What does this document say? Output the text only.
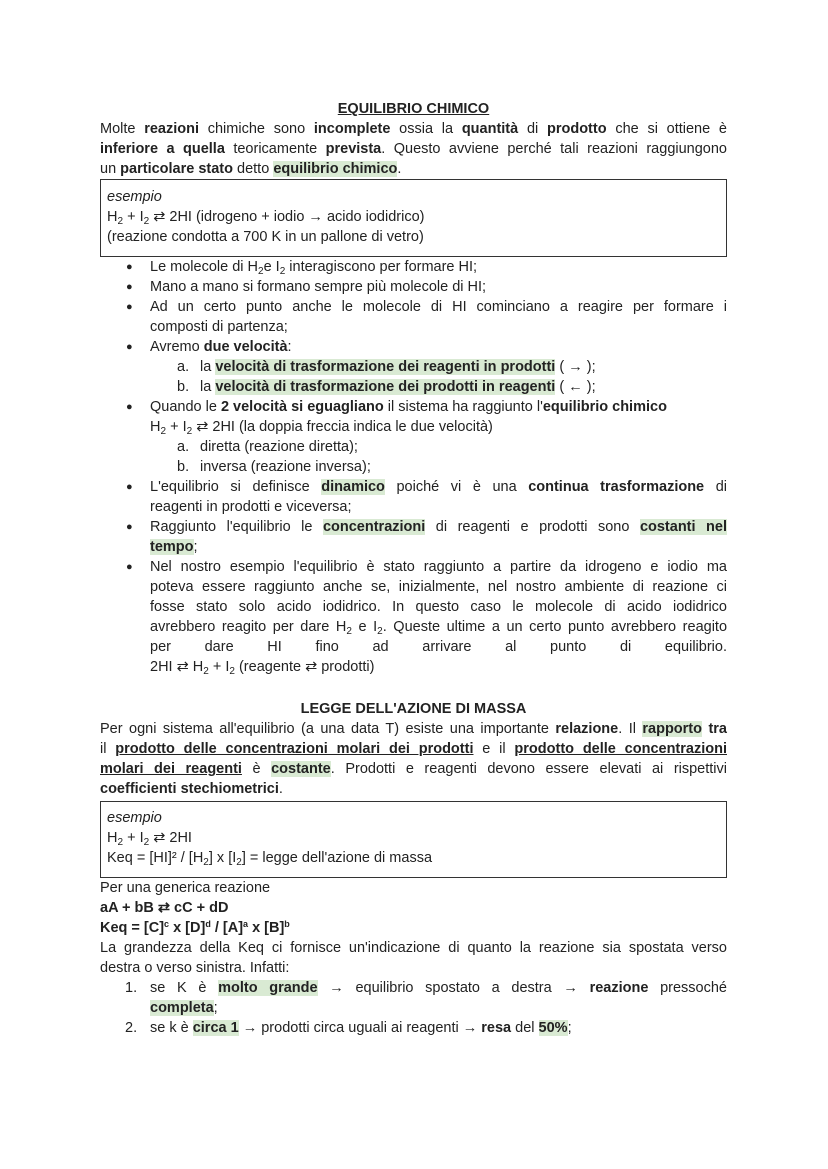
EQUILIBRIO CHIMICO
Molte reazioni chimiche sono incomplete ossia la quantità di prodotto che si ottiene è
inferiore a quella teoricamente prevista. Questo avviene perché tali reazioni raggiungono
un particolare stato detto equilibrio chimico.
esempio
$H_2 + I_2$ ⇄ 2HI (idrogeno + iodio → acido iodidrico)
(reazione condotta a 700 K in un pallone di vetro)
● Le molecole di $H_2e$ $I_2$ interagiscono per formare HI;
● Mano a mano si formano sempre più molecole di HI;
● Ad un certo punto anche le molecole di HI cominciano a reagire per formare i
composti di partenza;
● Avremo due velocità:
a. la velocità di trasformazione dei reagenti in prodotti ( → );
b. la velocità di trasformazione dei prodotti in reagenti ( ← );
● Quando le 2 velocità si eguagliano il sistema ha raggiunto l'equilibrio chimico
$H_2 + I_2$ ⇄ 2HI (la doppia freccia indica le due velocità)
a. diretta (reazione diretta);
b. inversa (reazione inversa);
● L'equilibrio si definisce dinamico poiché vi è una continua trasformazione di
reagenti in prodotti e viceversa;
● Raggiunto l'equilibrio le concentrazioni di reagenti e prodotti sono costanti nel
tempo;
● Nel nostro esempio l'equilibrio è stato raggiunto a partire da idrogeno e iodio ma
poteva essere raggiunto anche se, inizialmente, nel nostro ambiente di reazione ci
fosse stato solo acido iodidrico. In questo caso le molecole di acido iodidrico
avrebbero reagito per dare $H_2$ e $I_2$. Queste ultime a un certo punto avrebbero reagito
per dare HI fino ad arrivare al punto di equilibrio.
2HI ⇄ $H_2 + I_2$ (reagente ⇄ prodotti)
LEGGE DELL'AZIONE DI MASSA
Per ogni sistema all'equilibrio (a una data T) esiste una importante relazione. Il rapporto tra
il prodotto delle concentrazioni molari dei prodotti e il prodotto delle concentrazioni
molari dei reagenti è costante. Prodotti e reagenti devono essere elevati ai rispettivi
coefficienti stechiometrici.
esempio
$H_2 + I_2$ ⇄ 2HI
Keq = $[HI]^2 / [H_2]$ x $[I_2]$ = legge dell'azione di massa
Per una generica reazione
aA + bB ⇄ cC + dD
Keq = $[C]^c$ x $[D]^d / [A]^a$ x $[B]^b$
La grandezza della Keq ci fornisce un'indicazione di quanto la reazione sia spostata verso
destra o verso sinistra. Infatti:
1. se K è molto grande → equilibrio spostato a destra → reazione pressoché
completa;
2. se k è circa 1 → prodotti circa uguali ai reagenti → resa del 50%;
